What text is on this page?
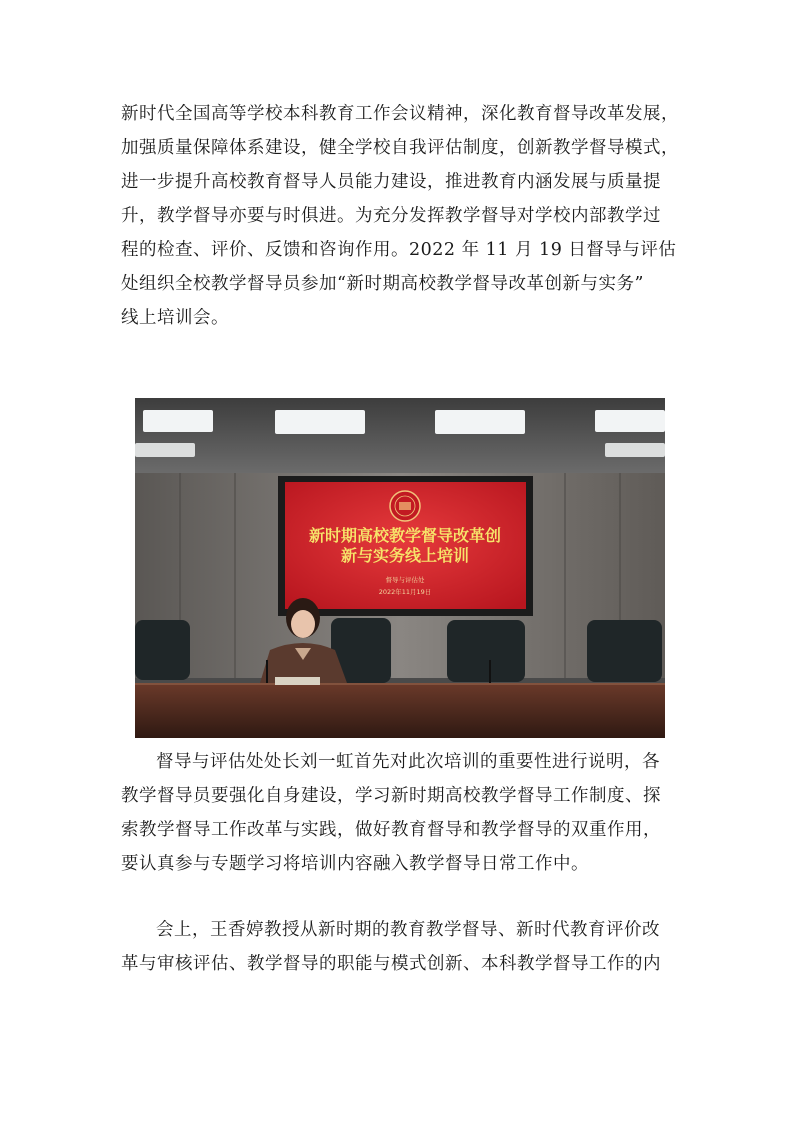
新时代全国高等学校本科教育工作会议精神，深化教育督导改革发展，
加强质量保障体系建设，健全学校自我评估制度，创新教学督导模式，
进一步提升高校教育督导人员能力建设，推进教育内涵发展与质量提
升，教学督导亦要与时俱进。为充分发挥教学督导对学校内部教学过
程的检查、评价、反馈和咨询作用。2022 年 11 月 19 日督导与评估
处组织全校教学督导员参加“新时期高校教学督导改革创新与实务”
线上培训会。
新时期高校教学督导改革创
新与实务线上培训
督导与评估处
2022年11月19日
督导与评估处处长刘一虹首先对此次培训的重要性进行说明，各
教学督导员要强化自身建设，学习新时期高校教学督导工作制度、探
索教学督导工作改革与实践，做好教育督导和教学督导的双重作用，
要认真参与专题学习将培训内容融入教学督导日常工作中。
会上，王香婷教授从新时期的教育教学督导、新时代教育评价改
革与审核评估、教学督导的职能与模式创新、本科教学督导工作的内
